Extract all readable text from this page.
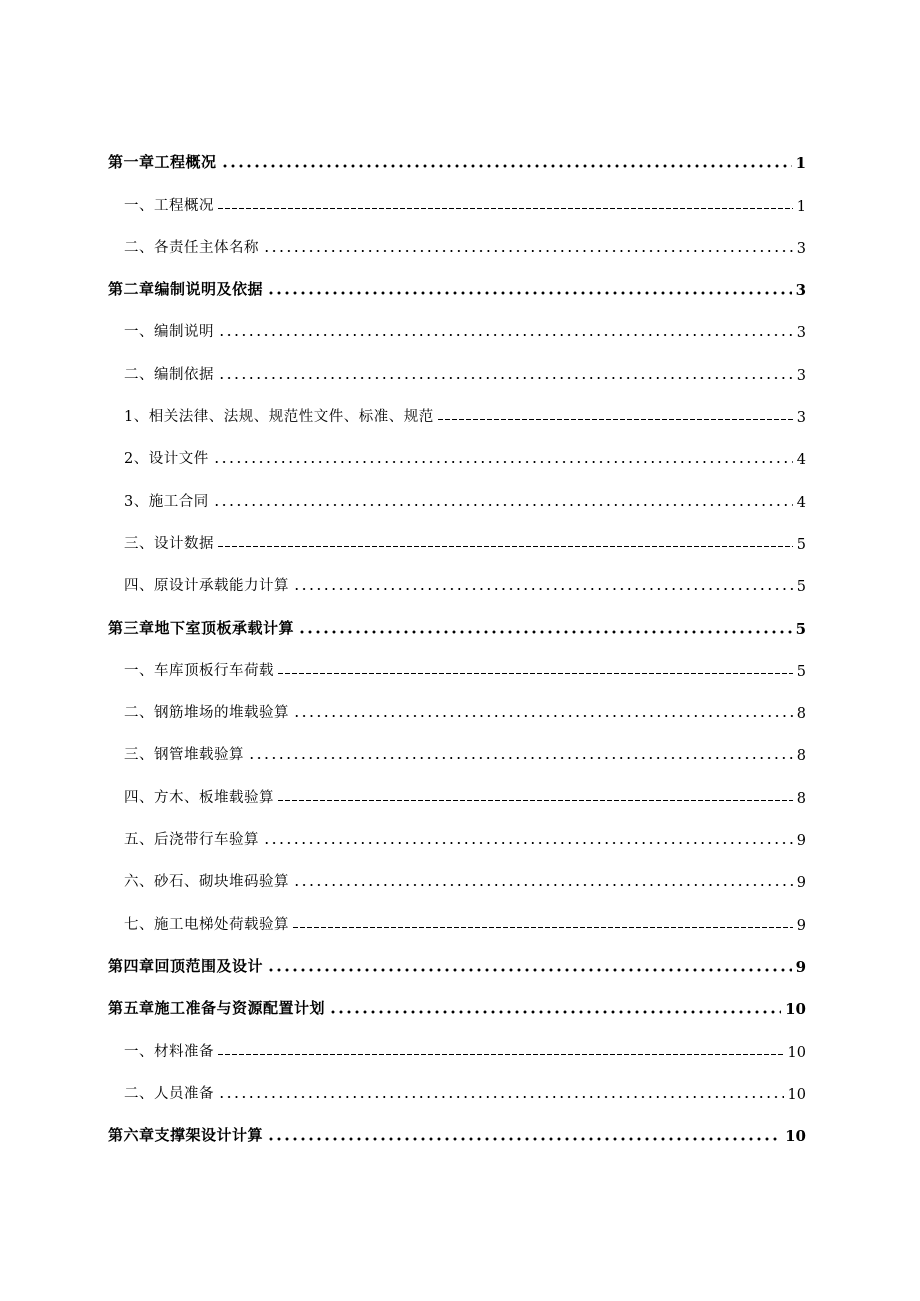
第一章工程概况	1
一、工程概况	1
二、各责任主体名称	3
第二章编制说明及依据	3
一、编制说明	3
二、编制依据	3
1、相关法律、法规、规范性文件、标准、规范	3
2、设计文件	4
3、施工合同	4
三、设计数据	5
四、原设计承载能力计算	5
第三章地下室顶板承载计算	5
一、车库顶板行车荷载	5
二、钢筋堆场的堆载验算	8
三、钢管堆载验算	8
四、方木、板堆载验算	8
五、后浇带行车验算	9
六、砂石、砌块堆码验算	9
七、施工电梯处荷载验算	9
第四章回顶范围及设计	9
第五章施工准备与资源配置计划	10
一、材料准备	10
二、人员准备	10
第六章支撑架设计计算	10
